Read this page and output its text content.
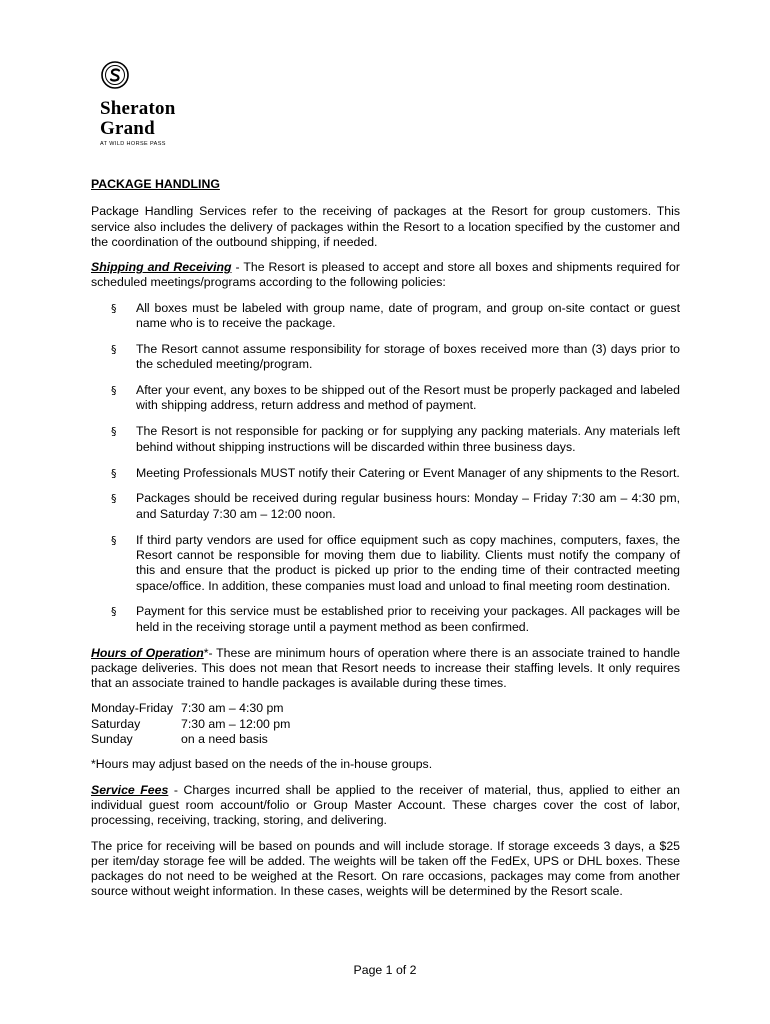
Sheraton
Grand
AT WILD HORSE PASS

PACKAGE HANDLING

Package Handling Services refer to the receiving of packages at the Resort for group customers. This service also includes the delivery of packages within the Resort to a location specified by the customer and the coordination of the outbound shipping, if needed.

Shipping and Receiving - The Resort is pleased to accept and store all boxes and shipments required for scheduled meetings/programs according to the following policies:

§ All boxes must be labeled with group name, date of program, and group on-site contact or guest name who is to receive the package.
§ The Resort cannot assume responsibility for storage of boxes received more than (3) days prior to the scheduled meeting/program.
§ After your event, any boxes to be shipped out of the Resort must be properly packaged and labeled with shipping address, return address and method of payment.
§ The Resort is not responsible for packing or for supplying any packing materials. Any materials left behind without shipping instructions will be discarded within three business days.
§ Meeting Professionals MUST notify their Catering or Event Manager of any shipments to the Resort.
§ Packages should be received during regular business hours: Monday – Friday 7:30 am – 4:30 pm, and Saturday 7:30 am – 12:00 noon.
§ If third party vendors are used for office equipment such as copy machines, computers, faxes, the Resort cannot be responsible for moving them due to liability. Clients must notify the company of this and ensure that the product is picked up prior to the ending time of their contracted meeting space/office. In addition, these companies must load and unload to final meeting room destination.
§ Payment for this service must be established prior to receiving your packages. All packages will be held in the receiving storage until a payment method as been confirmed.

Hours of Operation*- These are minimum hours of operation where there is an associate trained to handle package deliveries. This does not mean that Resort needs to increase their staffing levels. It only requires that an associate trained to handle packages is available during these times.

Monday-Friday 7:30 am – 4:30 pm
Saturday	7:30 am – 12:00 pm
Sunday	on a need basis

*Hours may adjust based on the needs of the in-house groups.

Service Fees - Charges incurred shall be applied to the receiver of material, thus, applied to either an individual guest room account/folio or Group Master Account. These charges cover the cost of labor, processing, receiving, tracking, storing, and delivering.

The price for receiving will be based on pounds and will include storage. If storage exceeds 3 days, a $25 per item/day storage fee will be added. The weights will be taken off the FedEx, UPS or DHL boxes. These packages do not need to be weighed at the Resort. On rare occasions, packages may come from another source without weight information. In these cases, weights will be determined by the Resort scale.

Page 1 of 2
